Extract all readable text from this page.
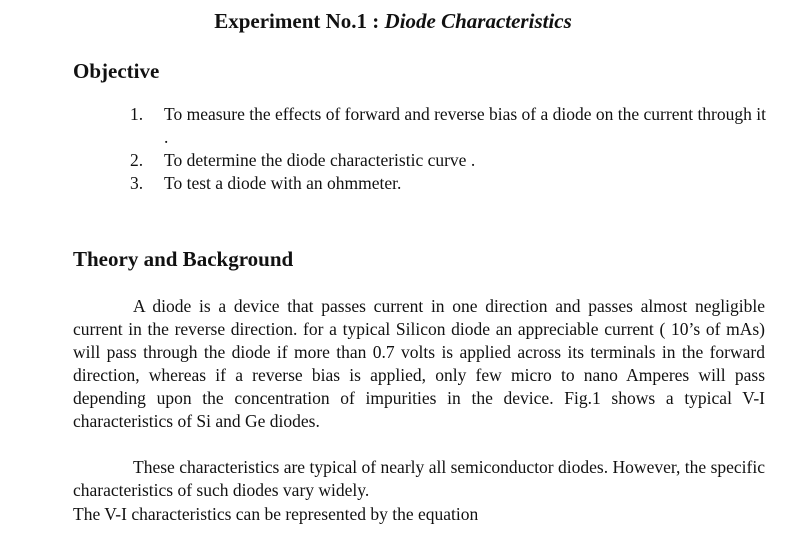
Experiment No.1 : Diode Characteristics
Objective
1. To measure the effects of forward and reverse bias of a diode on the current through it .
2. To determine the diode characteristic curve .
3. To test a diode with an ohmmeter.
Theory and Background

A diode is a device that passes current in one direction and passes almost negligible current in the reverse direction. for a typical Silicon diode an appreciable current ( 10’s of mAs) will pass through the diode if more than 0.7 volts is applied across its terminals in the forward direction, whereas if a reverse bias is applied, only few micro to nano Amperes will pass depending upon the concentration of impurities in the device. Fig.1 shows a typical V-I characteristics of Si and Ge diodes.

These characteristics are typical of nearly all semiconductor diodes. However, the specific characteristics of such diodes vary widely.

The V-I characteristics can be represented by the equation
